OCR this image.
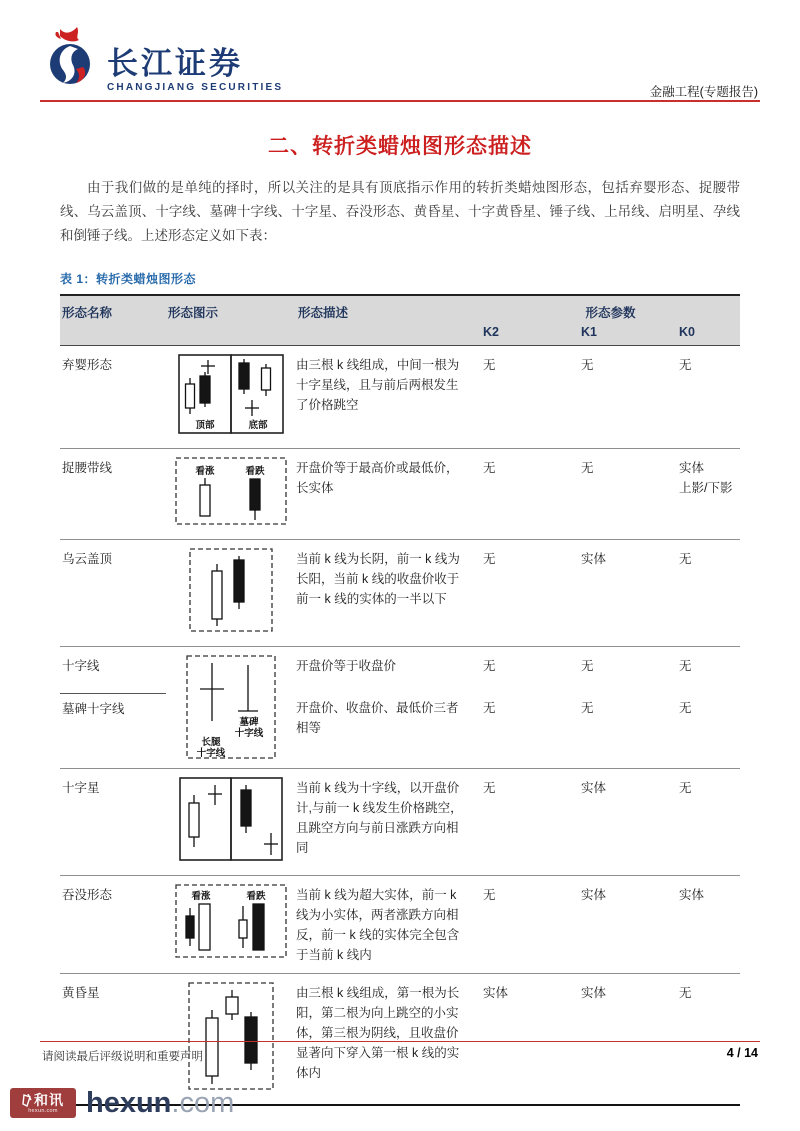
长江证券
CHANGJIANG SECURITIES	金融工程(专题报告)
二、转折类蜡烛图形态描述
由于我们做的是单纯的择时，所以关注的是具有顶底指示作用的转折类蜡烛图形态，包括弃婴形态、捉腰带线、乌云盖顶、十字线、墓碑十字线、十字星、吞没形态、黄昏星、十字黄昏星、锤子线、上吊线、启明星、孕线和倒锤子线。上述形态定义如下表：
表 1：转折类蜡烛图形态
形态名称	形态图示	形态描述	形态参数		
			K2	K1	K0
弃婴形态	顶部 底部	由三根 k 线组成，中间一根为十字星线，且与前后两根发生了价格跳空	无	无	无
捉腰带线	看涨	看跌	开盘价等于最高价或最低价，长实体	无	无	实体
上影/下影

乌云盖顶		当前 k 线为长阴，前一 k 线为长阳，当前 k 线的收盘价收于前一 k 线的实体的一半以下	无	实体	无
十字线	墓碑
十字线
长腿
十字线	开盘价等于收盘价	无	无	无
墓碑十字线		开盘价、收盘价、最低价三者相等	无	无	无
十字星		当前 k 线为十字线，以开盘价计,与前一 k 线发生价格跳空，且跳空方向与前日涨跌方向相同	无	实体	无
吞没形态	看涨 看跌	当前 k 线为超大实体，前一 k 线为小实体，两者涨跌方向相反，前一 k 线的实体完全包含于当前 k 线内	无	实体	实体
黄昏星		由三根 k 线组成，第一根为长阳，第二根为向上跳空的小实体，第三根为阴线，且收盘价显著向下穿入第一根 k 线的实体内	实体	实体	无
请阅读最后评级说明和重要声明	4 / 14
和讯
hexun.com hexun.com
